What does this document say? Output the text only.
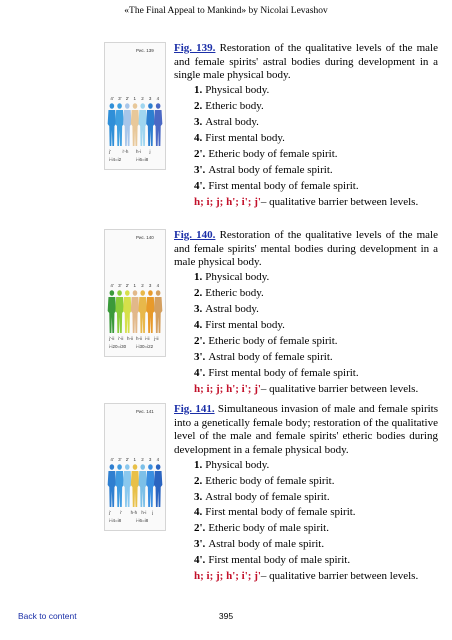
«The Final Appeal to Mankind» by Nicolai Levashov
Рис. 139
4' 3' 2' 1 2 3 4
j'	i'-h h-i j
i-i4=i2	i-i6=i8

Fig. 139. Restoration of the qualitative levels of the male and female spirits' astral bodies during development in a single male physical body.

1. Physical body.
2. Etheric body.
3. Astral body.
4. First mental body.
2'. Etheric body of female spirit.
3'. Astral body of female spirit.
4'. First mental body of female spirit.
h; i; j; h'; i'; j'– qualitative barrier between levels.
Рис. 140
4' 3' 2' 1 2 3 4
j'-ii i'-ii h-ii h-ii i-ii j-ii
i-i20=i30 i-i30=i22

Fig. 140. Restoration of the qualitative levels of the male and female spirits' mental bodies during development in a male physical body.

1. Physical body.
2. Etheric body.
3. Astral body.
4. First mental body.
2'. Etheric body of female spirit.
3'. Astral body of female spirit.
4'. First mental body of female spirit.
h; i; j; h'; i'; j'– qualitative barrier between levels.
Рис. 141
4' 3' 2' 1 2 3 4
j' i' h-h h-i j
i-i4=i8	i-i6=i8

Fig. 141. Simultaneous invasion of male and female spirits into a genetically female body; restoration of the qualitative level of the male and female spirits' etheric bodies during development in a female physical body.

1. Physical body.
2. Etheric body of female spirit.
3. Astral body of female spirit.
4. First mental body of female spirit.
2'. Etheric body of male spirit.
3'. Astral body of male spirit.
4'. First mental body of male spirit.
h; i; j; h'; i'; j'– qualitative barrier between levels.
Back to content	395
